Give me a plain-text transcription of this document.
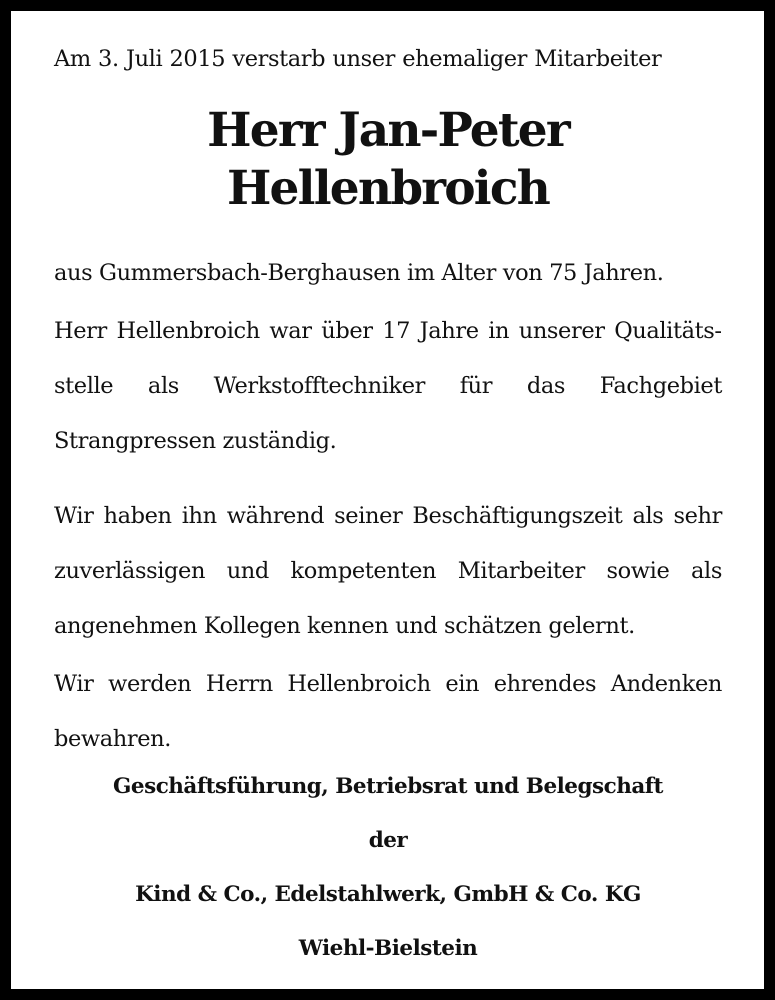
Am 3. Juli 2015 verstarb unser ehemaliger Mitarbeiter
Herr Jan-Peter Hellenbroich
aus Gummersbach-Berghausen im Alter von 75 Jahren.
Herr Hellenbroich war über 17 Jahre in unserer Qualitätsstelle als Werkstofftechniker für das Fachgebiet Strangpressen zuständig.
Wir haben ihn während seiner Beschäftigungszeit als sehr zuverlässigen und kompetenten Mitarbeiter sowie als angenehmen Kollegen kennen und schätzen gelernt.
Wir werden Herrn Hellenbroich ein ehrendes Andenken bewahren.
Geschäftsführung, Betriebsrat und Belegschaft
der
Kind & Co., Edelstahlwerk, GmbH & Co. KG
Wiehl-Bielstein
